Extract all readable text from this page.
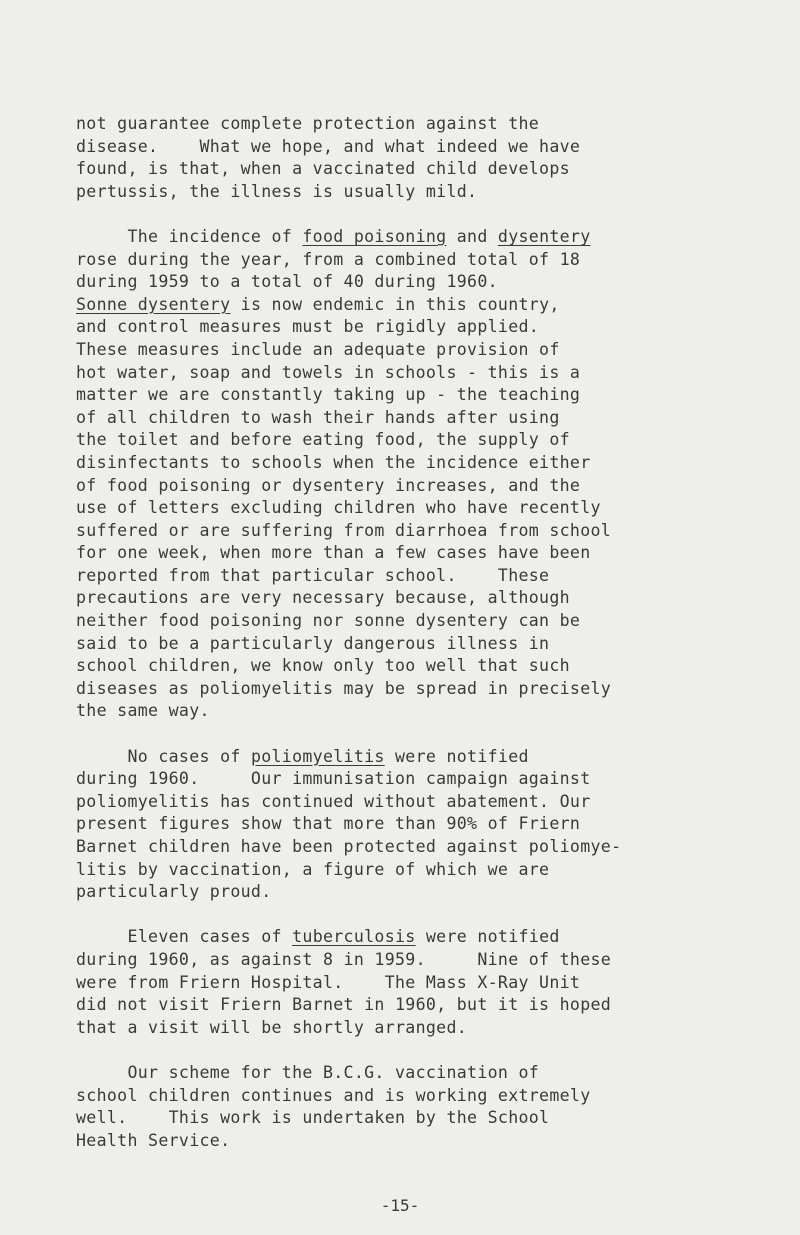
not guarantee complete protection against the
disease.    What we hope, and what indeed we have
found, is that, when a vaccinated child develops
pertussis, the illness is usually mild.
The incidence of food poisoning and dysentery
rose during the year, from a combined total of 18
during 1959 to a total of 40 during 1960.
Sonne dysentery is now endemic in this country,
and control measures must be rigidly applied.
These measures include an adequate provision of
hot water, soap and towels in schools - this is a
matter we are constantly taking up - the teaching
of all children to wash their hands after using
the toilet and before eating food, the supply of
disinfectants to schools when the incidence either
of food poisoning or dysentery increases, and the
use of letters excluding children who have recently
suffered or are suffering from diarrhoea from school
for one week, when more than a few cases have been
reported from that particular school.    These
precautions are very necessary because, although
neither food poisoning nor sonne dysentery can be
said to be a particularly dangerous illness in
school children, we know only too well that such
diseases as poliomyelitis may be spread in precisely
the same way.
No cases of poliomyelitis were notified
during 1960.     Our immunisation campaign against
poliomyelitis has continued without abatement. Our
present figures show that more than 90% of Friern
Barnet children have been protected against poliomye-
litis by vaccination, a figure of which we are
particularly proud.
Eleven cases of tuberculosis were notified
during 1960, as against 8 in 1959.     Nine of these
were from Friern Hospital.    The Mass X-Ray Unit
did not visit Friern Barnet in 1960, but it is hoped
that a visit will be shortly arranged.
Our scheme for the B.C.G. vaccination of
school children continues and is working extremely
well.    This work is undertaken by the School
Health Service.
-15-
